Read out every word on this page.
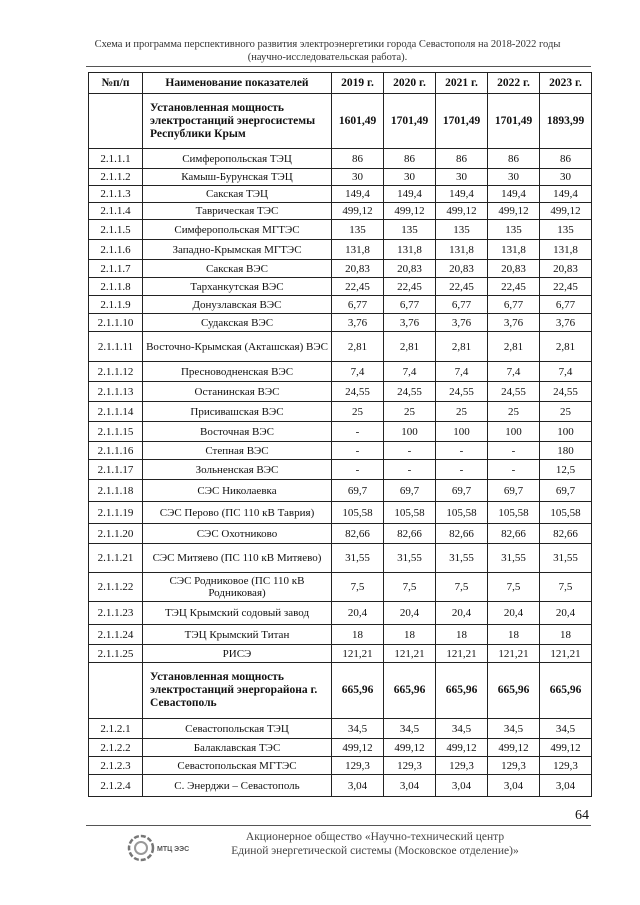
Схема и программа перспективного развития электроэнергетики города Севастополя на 2018-2022 годы
(научно-исследовательская работа).
№п/п	Наименование показателей	2019 г.	2020 г.	2021 г.	2022 г.	2023 г.
	Установленная мощность электростанций энергосистемы Республики Крым	1601,49	1701,49	1701,49	1701,49	1893,99
2.1.1.1	Симферопольская ТЭЦ	86	86	86	86	86
2.1.1.2	Камыш-Бурунская ТЭЦ	30	30	30	30	30
2.1.1.3	Сакская ТЭЦ	149,4	149,4	149,4	149,4	149,4
2.1.1.4	Таврическая ТЭС	499,12	499,12	499,12	499,12	499,12
2.1.1.5	Симферопольская МГТЭС	135	135	135	135	135
2.1.1.6	Западно-Крымская МГТЭС	131,8	131,8	131,8	131,8	131,8
2.1.1.7	Сакская ВЭС	20,83	20,83	20,83	20,83	20,83
2.1.1.8	Тарханкутская ВЭС	22,45	22,45	22,45	22,45	22,45
2.1.1.9	Донузлавская ВЭС	6,77	6,77	6,77	6,77	6,77
2.1.1.10	Судакская ВЭС	3,76	3,76	3,76	3,76	3,76
2.1.1.11	Восточно-Крымская (Акташская) ВЭС	2,81	2,81	2,81	2,81	2,81
2.1.1.12	Пресноводненская ВЭС	7,4	7,4	7,4	7,4	7,4
2.1.1.13	Останинская ВЭС	24,55	24,55	24,55	24,55	24,55
2.1.1.14	Присивашская ВЭС	25	25	25	25	25
2.1.1.15	Восточная ВЭС	-	100	100	100	100
2.1.1.16	Степная ВЭС	-	-	-	-	180
2.1.1.17	Зольненская ВЭС	-	-	-	-	12,5
2.1.1.18	СЭС Николаевка	69,7	69,7	69,7	69,7	69,7
2.1.1.19	СЭС Перово (ПС 110 кВ Таврия)	105,58	105,58	105,58	105,58	105,58
2.1.1.20	СЭС Охотниково	82,66	82,66	82,66	82,66	82,66
2.1.1.21	СЭС Митяево (ПС 110 кВ Митяево)	31,55	31,55	31,55	31,55	31,55
2.1.1.22	СЭС Родниковое (ПС 110 кВ Родниковая)	7,5	7,5	7,5	7,5	7,5
2.1.1.23	ТЭЦ Крымский содовый завод	20,4	20,4	20,4	20,4	20,4
2.1.1.24	ТЭЦ Крымский Титан	18	18	18	18	18
2.1.1.25	РИСЭ	121,21	121,21	121,21	121,21	121,21
	Установленная мощность электростанций энергорайона г. Севастополь	665,96	665,96	665,96	665,96	665,96
2.1.2.1	Севастопольская ТЭЦ	34,5	34,5	34,5	34,5	34,5
2.1.2.2	Балаклавская ТЭС	499,12	499,12	499,12	499,12	499,12
2.1.2.3	Севастопольская МГТЭС	129,3	129,3	129,3	129,3	129,3
2.1.2.4	С. Энерджи – Севастополь	3,04	3,04	3,04	3,04	3,04
64
МТЦ ЭЭС
Акционерное общество «Научно-технический центр
Единой энергетической системы (Московское отделение)»
